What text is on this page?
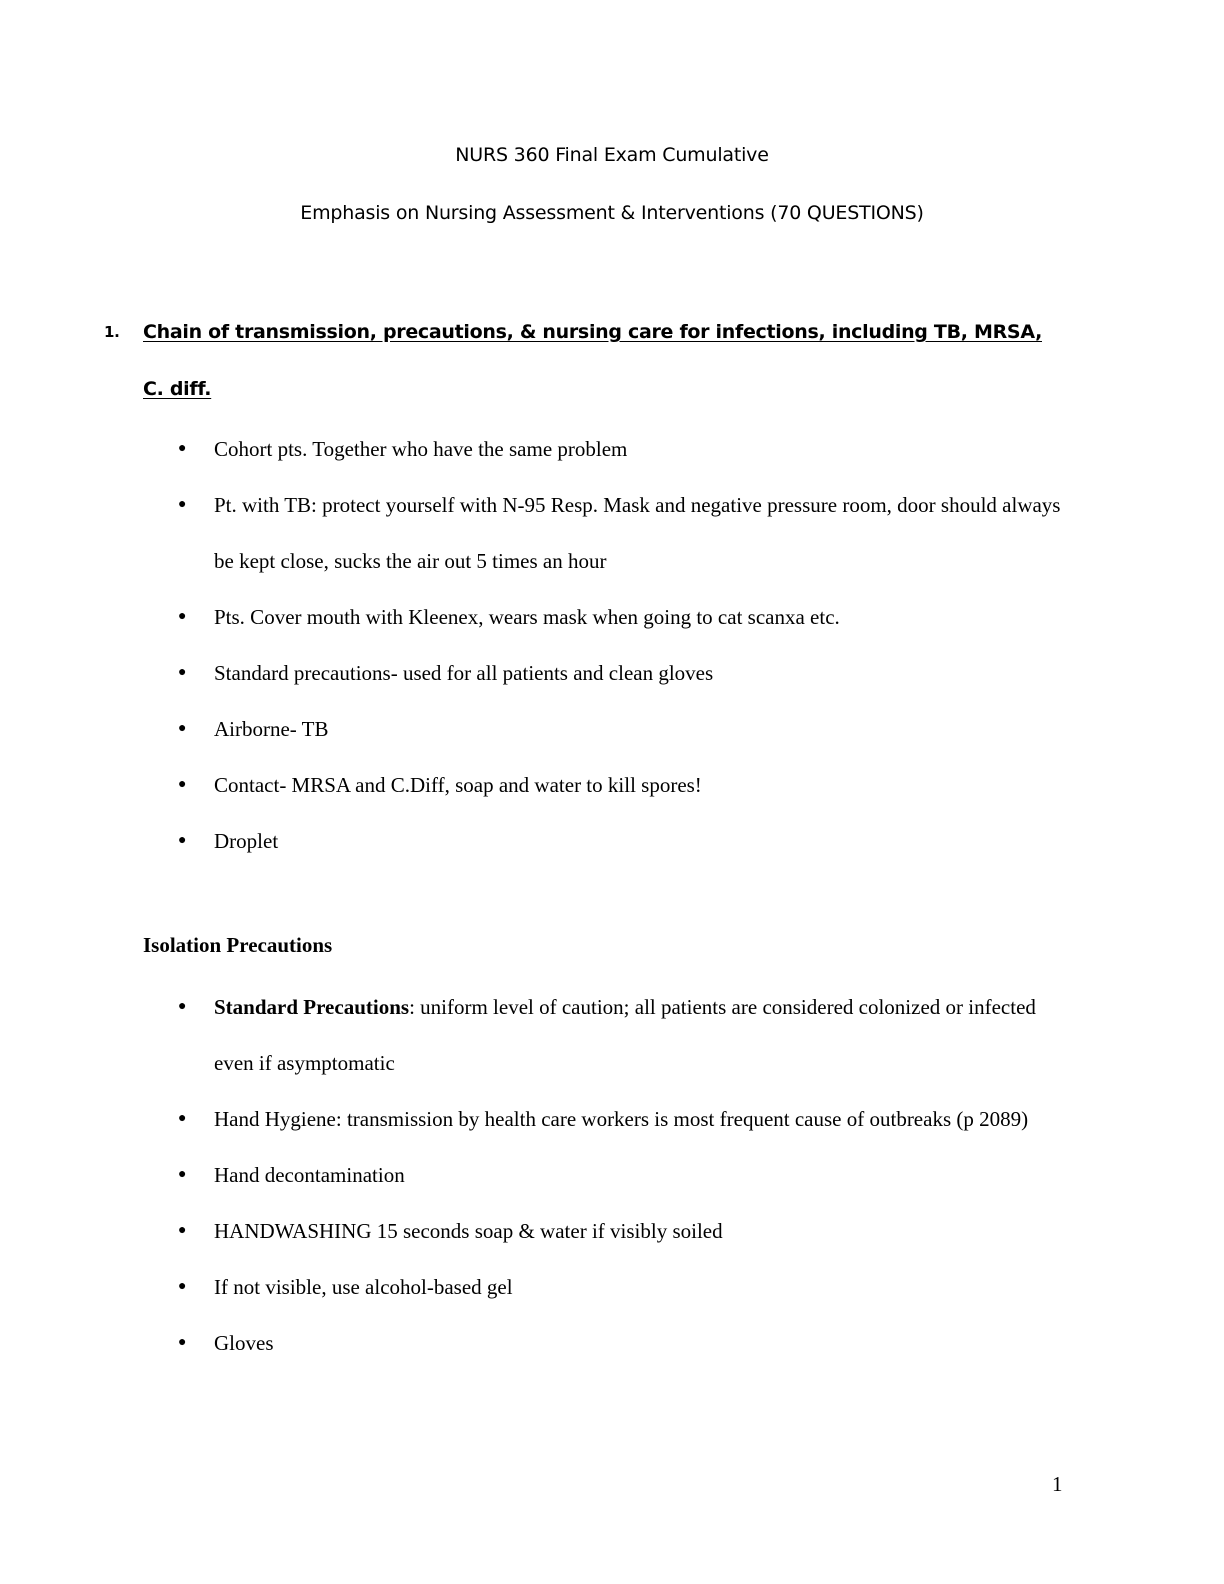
NURS 360 Final Exam Cumulative
Emphasis on Nursing Assessment & Interventions (70 QUESTIONS)
1. Chain of transmission, precautions, & nursing care for infections, including TB, MRSA, C. diff.
● Cohort pts. Together who have the same problem
● Pt. with TB: protect yourself with N-95 Resp. Mask and negative pressure room, door should always be kept close, sucks the air out 5 times an hour
● Pts. Cover mouth with Kleenex, wears mask when going to cat scanxa etc.
● Standard precautions- used for all patients and clean gloves
● Airborne- TB
● Contact- MRSA and C.Diff, soap and water to kill spores!
● Droplet
Isolation Precautions
● Standard Precautions: uniform level of caution; all patients are considered colonized or infected even if asymptomatic
● Hand Hygiene: transmission by health care workers is most frequent cause of outbreaks (p 2089)
● Hand decontamination
● HANDWASHING 15 seconds soap & water if visibly soiled
● If not visible, use alcohol-based gel
● Gloves
1
